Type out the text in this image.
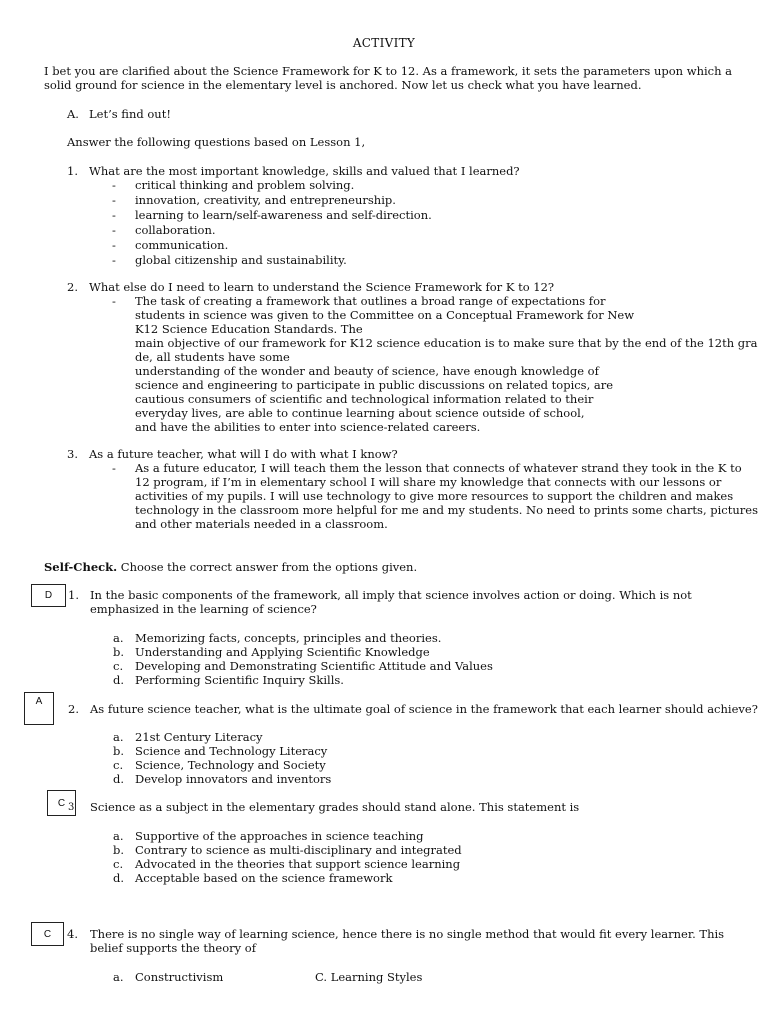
ACTIVITY
I bet you are clarified about the Science Framework for K to 12. As a framework, it sets the parameters upon which a solid ground for science in the elementary level is anchored. Now let us check what you have learned.
A. Let’s find out!
Answer the following questions based on Lesson 1,
1. What are the most important knowledge, skills and valued that I learned?
- critical thinking and problem solving.
- innovation, creativity, and entrepreneurship.
- learning to learn/self-awareness and self-direction.
- collaboration.
- communication.
- global citizenship and sustainability.
2. What else do I need to learn to understand the Science Framework for K to 12?
- The task of creating a framework that outlines a broad range of expectations for
students in science was given to the Committee on a Conceptual Framework for New
K12 Science Education Standards. The
main objective of our framework for K12 science education is to make sure that by the end of the 12th gra
de, all students have some
understanding of the wonder and beauty of science, have enough knowledge of
science and engineering to participate in public discussions on related topics, are
cautious consumers of scientific and technological information related to their
everyday lives, are able to continue learning about science outside of school,
and have the abilities to enter into science-related careers.
3. As a future teacher, what will I do with what I know?
- As a future educator, I will teach them the lesson that connects of whatever strand they took in the K to
12 program, if I’m in elementary school I will share my knowledge that connects with our lessons or
activities of my pupils. I will use technology to give more resources to support the children and makes
technology in the classroom more helpful for me and my students. No need to prints some charts, pictures
and other materials needed in a classroom.
Self-Check. Choose the correct answer from the options given.
D	1. In the basic components of the framework, all imply that science involves action or doing. Which is not
emphasized in the learning of science?
a. Memorizing facts, concepts, principles and theories.
b. Understanding and Applying Scientific Knowledge
c. Developing and Demonstrating Scientific Attitude and Values
d. Performing Scientific Inquiry Skills.
A
2. As future science teacher, what is the ultimate goal of science in the framework that each learner should achieve?
a. 21st Century Literacy
b. Science and Technology Literacy
c. Science, Technology and Society
d. Develop innovators and inventors
C 3 Science as a subject in the elementary grades should stand alone. This statement is
a. Supportive of the approaches in science teaching
b. Contrary to science as multi-disciplinary and integrated
c. Advocated in the theories that support science learning
d. Acceptable based on the science framework
C	4. There is no single way of learning science, hence there is no single method that would fit every learner. This
belief supports the theory of
a. Constructivism	C. Learning Styles
